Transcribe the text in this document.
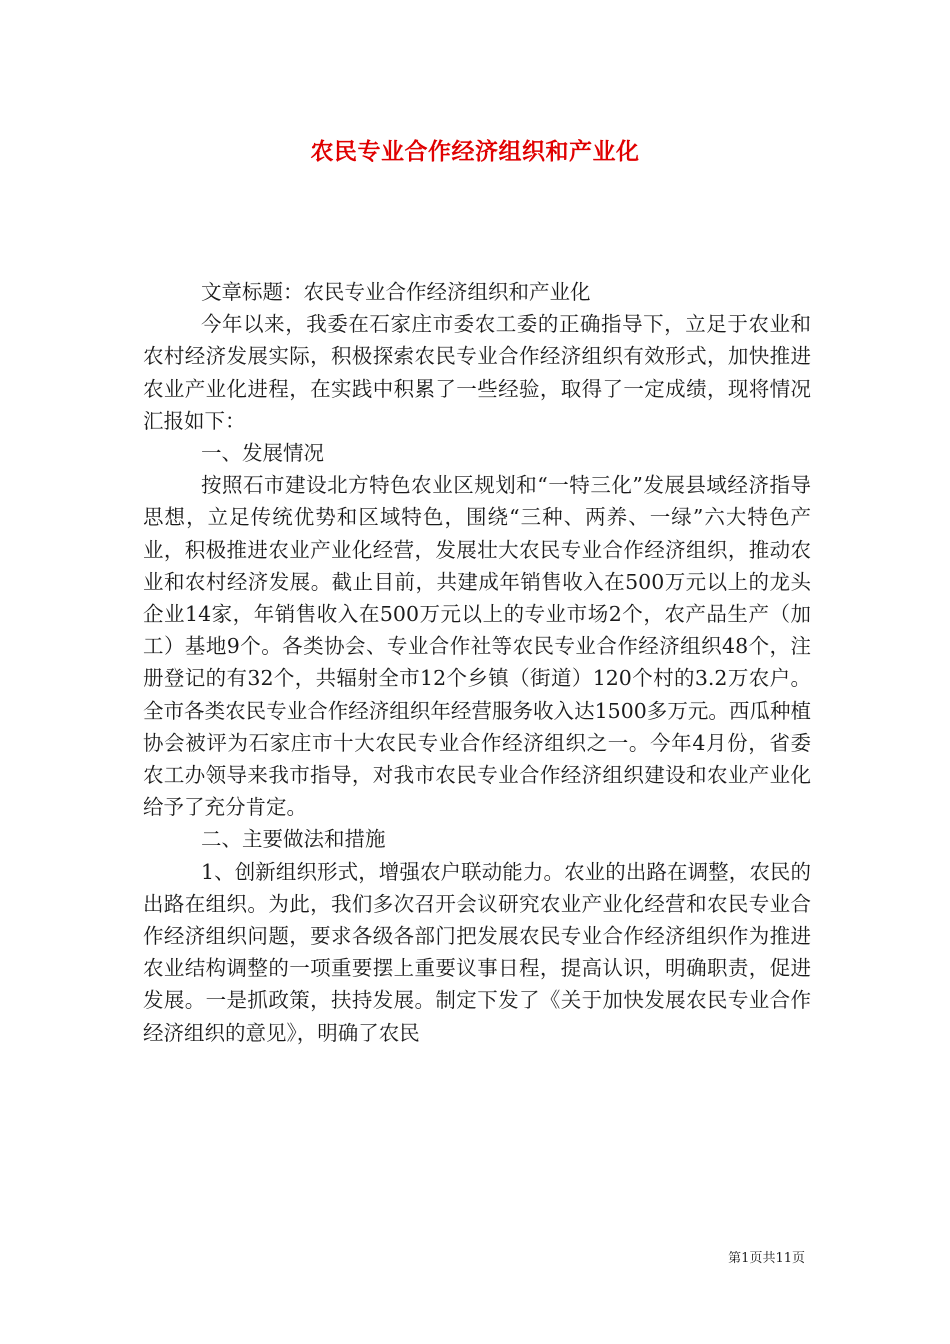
农民专业合作经济组织和产业化

文章标题：农民专业合作经济组织和产业化

今年以来，我委在石家庄市委农工委的正确指导下，立足于农业和农村经济发展实际，积极探索农民专业合作经济组织有效形式，加快推进农业产业化进程，在实践中积累了一些经验，取得了一定成绩，现将情况汇报如下：

一、发展情况

按照石市建设北方特色农业区规划和“一特三化”发展县域经济指导思想，立足传统优势和区域特色，围绕“三种、两养、一绿”六大特色产业，积极推进农业产业化经营，发展壮大农民专业合作经济组织，推动农业和农村经济发展。截止目前，共建成年销售收入在500万元以上的龙头企业14家，年销售收入在500万元以上的专业市场2个，农产品生产（加工）基地9个。各类协会、专业合作社等农民专业合作经济组织48个，注册登记的有32个，共辐射全市12个乡镇（街道）120个村的3.2万农户。全市各类农民专业合作经济组织年经营服务收入达1500多万元。西瓜种植协会被评为石家庄市十大农民专业合作经济组织之一。今年4月份，省委农工办领导来我市指导，对我市农民专业合作经济组织建设和农业产业化给予了充分肯定。

二、主要做法和措施

1、创新组织形式，增强农户联动能力。农业的出路在调整，农民的出路在组织。为此，我们多次召开会议研究农业产业化经营和农民专业合作经济组织问题，要求各级各部门把发展农民专业合作经济组织作为推进农业结构调整的一项重要摆上重要议事日程，提高认识，明确职责，促进发展。一是抓政策，扶持发展。制定下发了《关于加快发展农民专业合作经济组织的意见》，明确了农民

第1页共11页
